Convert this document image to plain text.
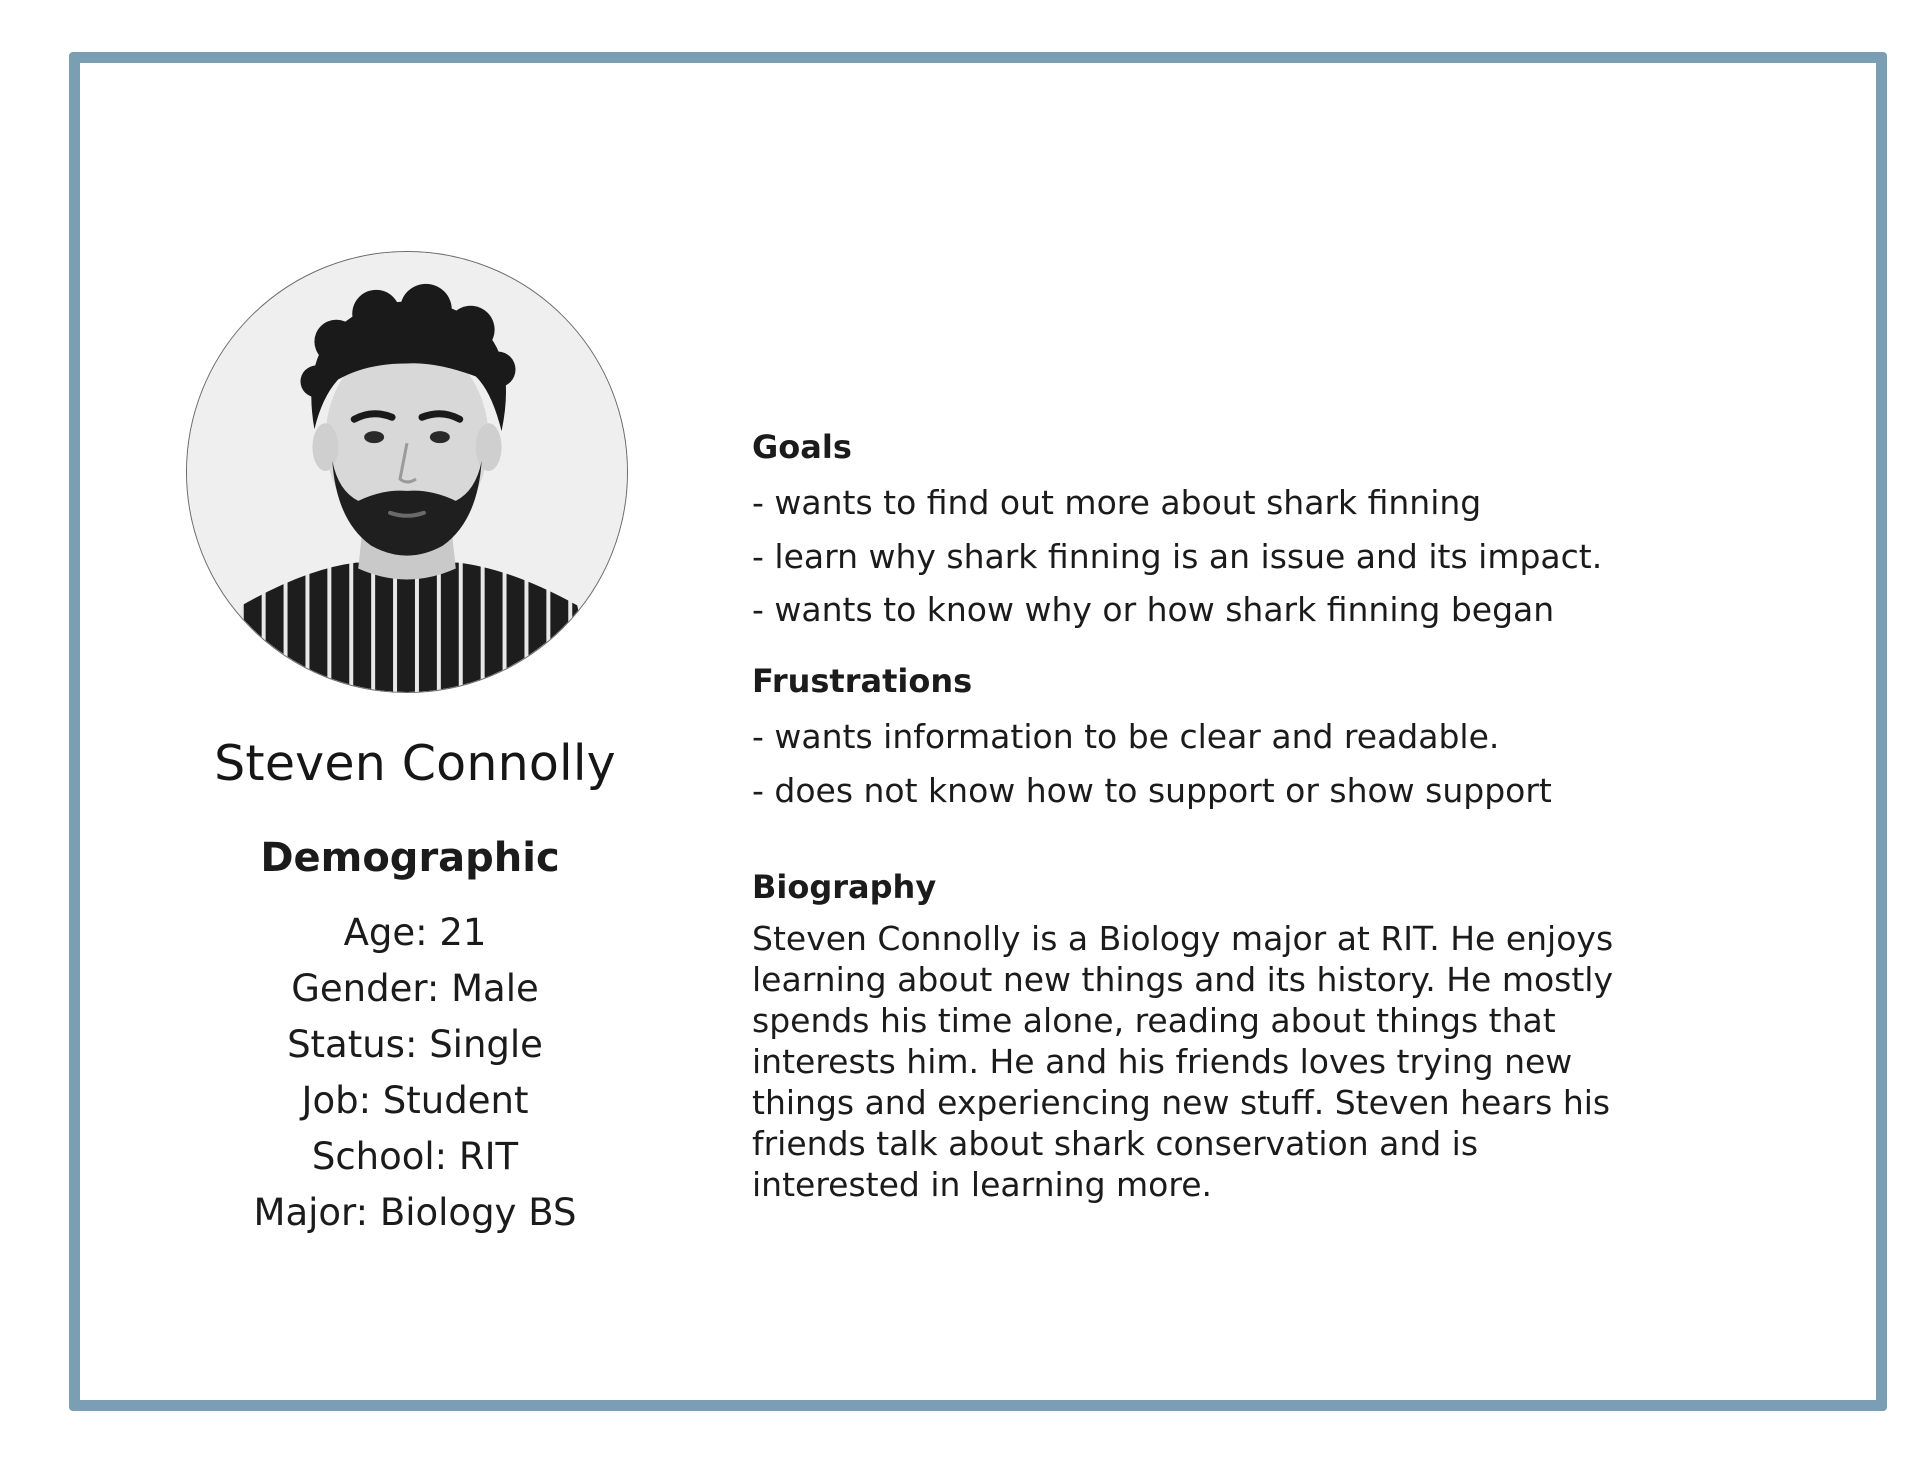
Steven Connolly
Demographic
Age: 21
Gender: Male
Status: Single
Job: Student
School: RIT
Major: Biology BS
Goals
- wants to find out more about shark finning
- learn why shark finning is an issue and its impact.
- wants to know why or how shark finning began
Frustrations
- wants information to be clear and readable.
- does not know how to support or show support
Biography

Steven Connolly is a Biology major at RIT. He enjoys
learning about new things and its history. He mostly
spends his time alone, reading about things that
interests him. He and his friends loves trying new
things and experiencing new stuff. Steven hears his
friends talk about shark conservation and is
interested in learning more.
